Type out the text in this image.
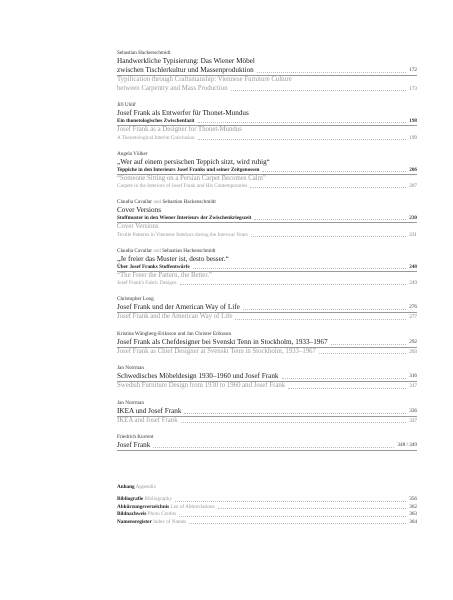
Sebastian Hackenschmidt
Handwerkliche Typisierung: Das Wiener Möbel
zwischen Tischlerkultur und Massenproduktion	172
Typification through Craftsmanship: Viennese Furniture Culture
between Carpentry and Mass Production	173
Jiří Uhlíř
Josef Frank als Entwerfer für Thonet-Mundus
Ein thonetologisches Zwischenfazit	198
Josef Frank as a Designer for Thonet-Mundus
A Thonetological Interim Conclusion	199
Angela Völker
„Wer auf einem persischen Teppich sitzt, wird ruhig“
Teppiche in den Interieurs Josef Franks und seiner Zeitgenossen	206
“Someone Sitting on a Persian Carpet Becomes Calm”
Carpets in the Interiors of Josef Frank and His Contemporaries	207
Claudia Cavallar und Sebastian Hackenschmidt
Cover Versions
Stoffmuster in den Wiener Interieurs der Zwischenkriegszeit	230
Cover Versions
Textile Patterns in Viennese Interiors during the Interwar Years	231
Claudia Cavallar and Sebastian Hackenschmidt
„Je freier das Muster ist, desto besser.“
Über Josef Franks Stoffentwürfe	248
“The Freer the Pattern, the Better.”
Josef Frank's Fabric Designs	249
Christopher Long
Josef Frank und der American Way of Life	276
Josef Frank and the American Way of Life	277
Kristina Wängberg-Eriksson und Jan Christer Eriksson
Josef Frank als Chefdesigner bei Svenskt Tenn in Stockholm, 1933–1967	292
Josef Frank as Chief Designer at Svenskt Tenn in Stockholm, 1933–1967	293
Jan Norrman
Schwedisches Möbeldesign 1930–1960 und Josef Frank	316
Swedish Furniture Design from 1930 to 1960 and Josef Frank	317
Jan Norrman
IKEA und Josef Frank	336
IKEA and Josef Frank	337
Friedrich Kurrent
Josef Frank	348 / 349
Anhang Appendix
Bibliografie Bibliography	356
Abkürzungsverzeichnis List of Abbreviations	362
Bildnachweis Photo Credits	363
Namensregister Index of Names	364
